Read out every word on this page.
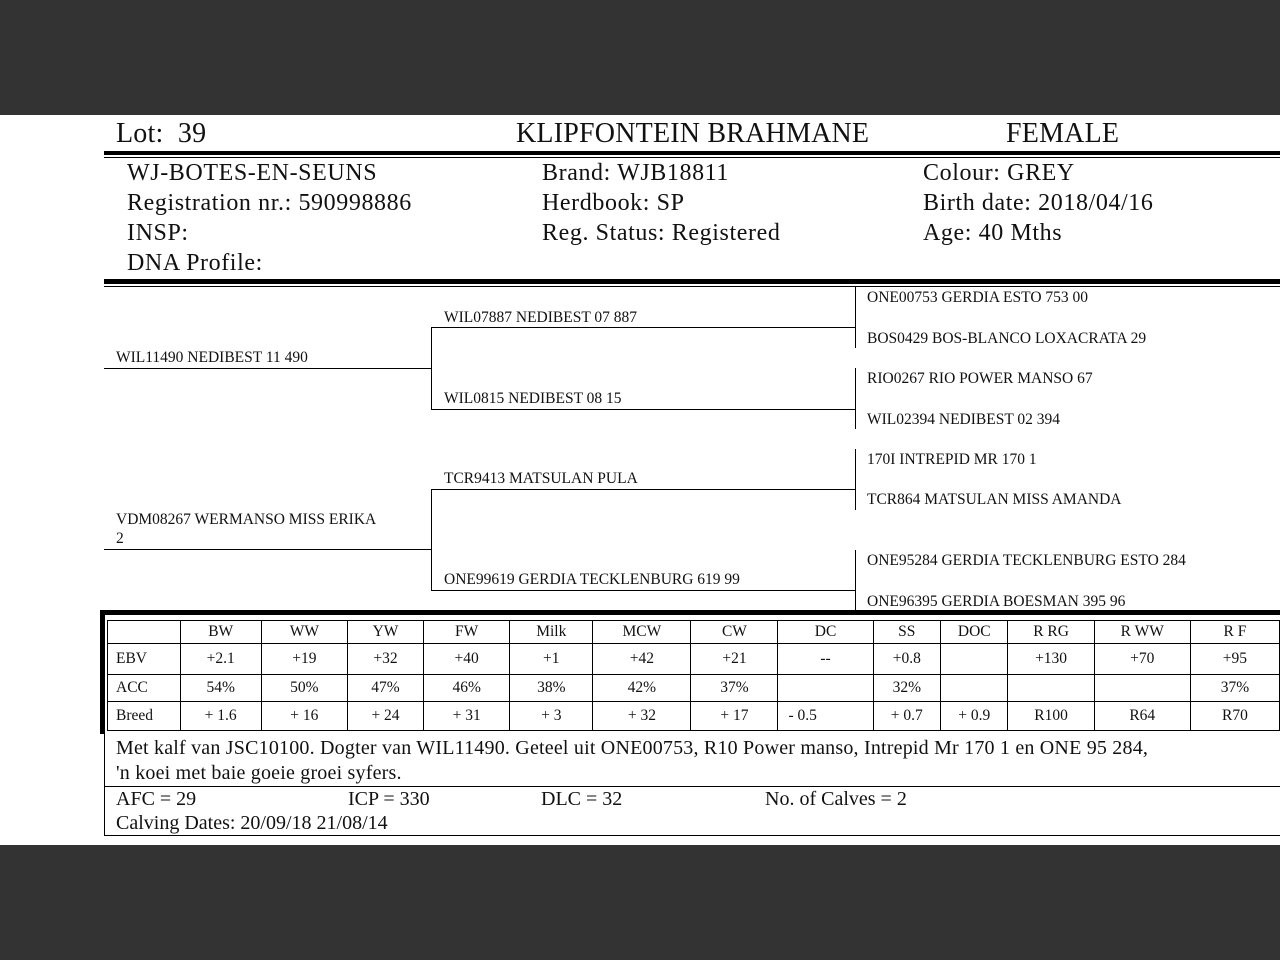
Lot: 39	KLIPFONTEIN BRAHMANE	FEMALE
WJ-BOTES-EN-SEUNS
Registration nr.: 590998886
INSP:
DNA Profile:
Brand: WJB18811
Herdbook: SP
Reg. Status: Registered
Colour: GREY
Birth date: 2018/04/16
Age: 40 Mths
WIL11490 NEDIBEST 11 490
VDM08267 WERMANSO MISS ERIKA
2
WIL07887 NEDIBEST 07 887
WIL0815 NEDIBEST 08 15
TCR9413 MATSULAN PULA
ONE99619 GERDIA TECKLENBURG 619 99
ONE00753 GERDIA ESTO 753 00
BOS0429 BOS-BLANCO LOXACRATA 29
RIO0267 RIO POWER MANSO 67
WIL02394 NEDIBEST 02 394
170I INTREPID MR 170 1
TCR864 MATSULAN MISS AMANDA
ONE95284 GERDIA TECKLENBURG ESTO 284
ONE96395 GERDIA BOESMAN 395 96
	BW	WW	YW	FW	Milk	MCW	CW	DC	SS	DOC	R RG	R WW	R F
EBV	+2.1	+19	+32	+40	+1	+42	+21	--	+0.8		+130	+70	+95
ACC	54%	50%	47%	46%	38%	42%	37%		32%				37%
Breed	+ 1.6	+ 16	+ 24	+ 31	+ 3	+ 32	+ 17	- 0.5	+ 0.7	+ 0.9	R100	R64	R70
Met kalf van JSC10100. Dogter van WIL11490. Geteel uit ONE00753, R10 Power manso, Intrepid Mr 170 1 en ONE 95 284,
'n koei met baie goeie groei syfers.
AFC = 29	ICP = 330	DLC = 32	No. of Calves = 2
Calving Dates: 20/09/18 21/08/14
